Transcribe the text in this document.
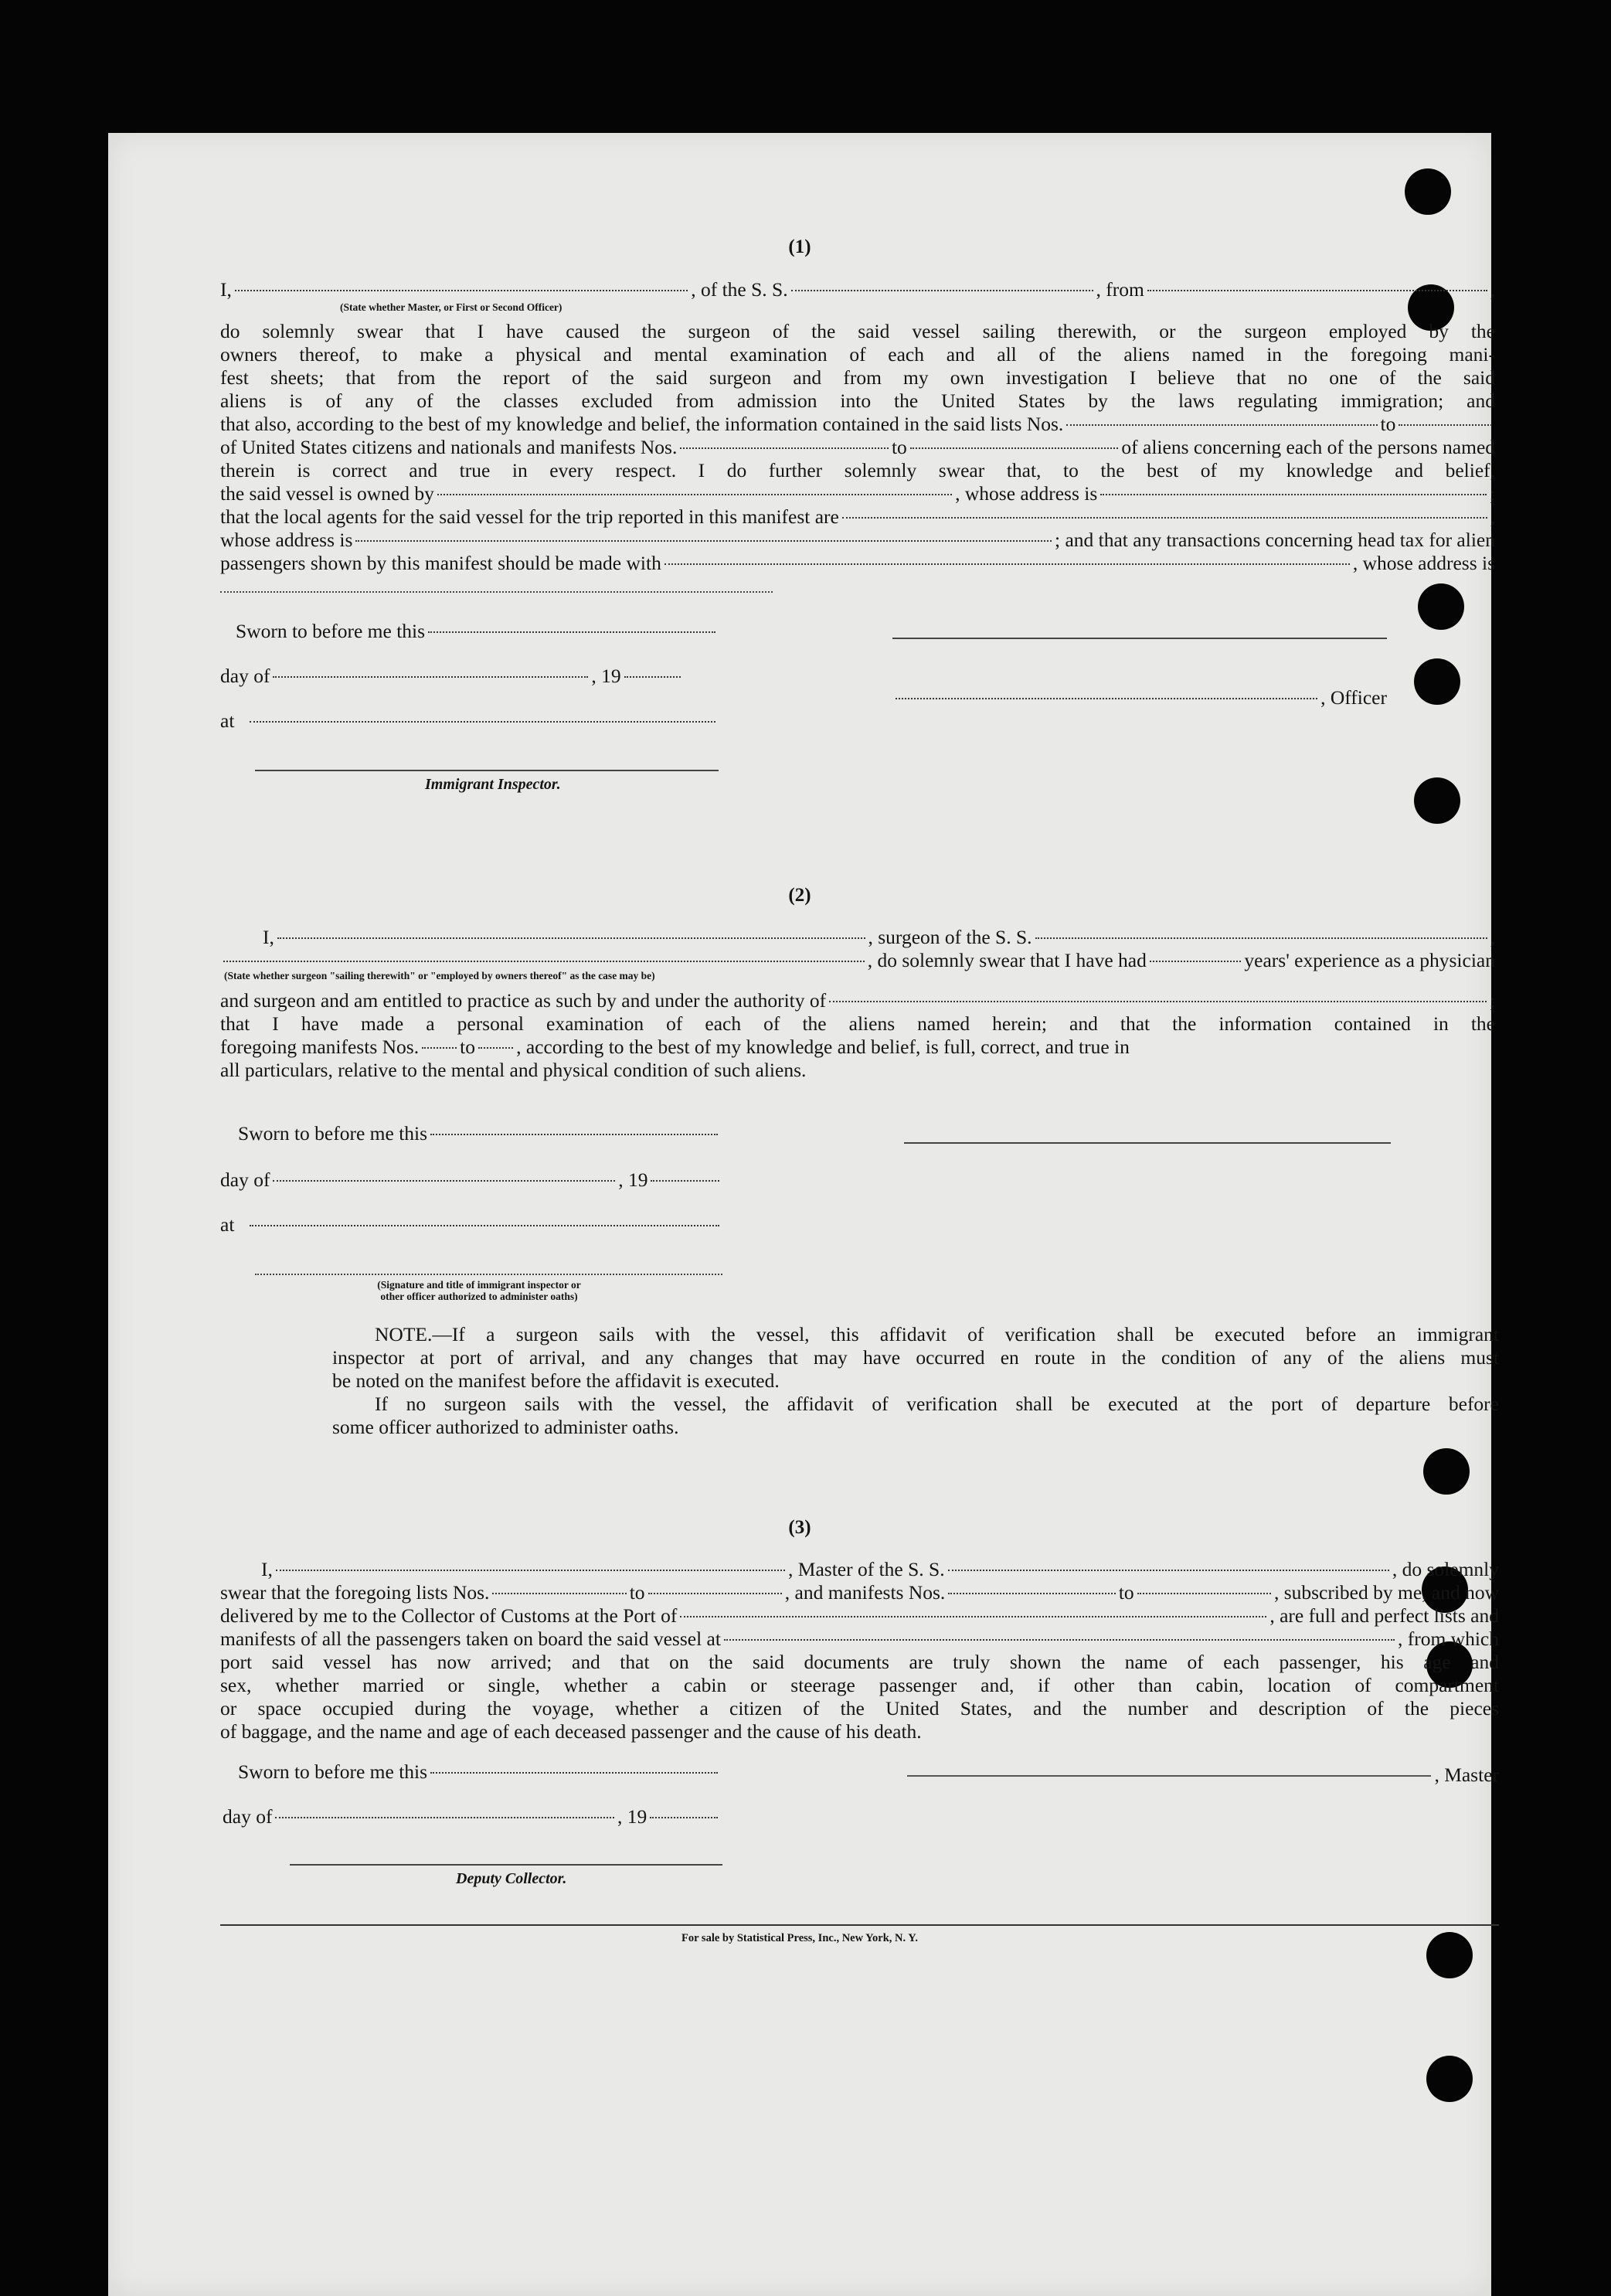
(1)
I,	, of the S. S.	, from	,
(State whether Master, or First or Second Officer)
do solemnly swear that I have caused the surgeon of the said vessel sailing therewith, or the surgeon employed by the
owners thereof, to make a physical and mental examination of each and all of the aliens named in the foregoing mani-
fest sheets; that from the report of the said surgeon and from my own investigation I believe that no one of the said
aliens is of any of the classes excluded from admission into the United States by the laws regulating immigration; and
that also, according to the best of my knowledge and belief, the information contained in the said lists Nos.	to
of United States citizens and nationals and manifests Nos.	to	of aliens concerning each of the persons named
therein is correct and true in every respect. I do further solemnly swear that, to the best of my knowledge and belief,
the said vessel is owned by	, whose address is	;
that the local agents for the said vessel for the trip reported in this manifest are	,
whose address is	; and that any transactions concerning head tax for alien
passengers shown by this manifest should be made with	, whose address is
Sworn to before me this
day of	, 19
, Officer
at
Immigrant Inspector.
(2)
I,	, surgeon of the S. S.	,
, do solemnly swear that I have had	years' experience as a physician
(State whether surgeon "sailing therewith" or "employed by owners thereof" as the case may be)
and surgeon and am entitled to practice as such by and under the authority of	;
that I have made a personal examination of each of the aliens named herein; and that the information contained in the
foregoing manifests Nos. to , according to the best of my knowledge and belief, is full, correct, and true in
all particulars, relative to the mental and physical condition of such aliens.
Sworn to before me this
day of	, 19
at
(Signature and title of immigrant inspector or
other officer authorized to administer oaths)
NOTE. —If a surgeon sails with the vessel, this affidavit of verification shall be executed before an immigrant
inspector at port of arrival, and any changes that may have occurred en route in the condition of any of the aliens must
be noted on the manifest before the affidavit is executed.
If no surgeon sails with the vessel, the affidavit of verification shall be executed at the port of departure before
some officer authorized to administer oaths.
(3)
I,	, Master of the S. S.	, do solemnly
swear that the foregoing lists Nos.	to	, and manifests Nos.	to	, subscribed by me, and now
delivered by me to the Collector of Customs at the Port of	, are full and perfect lists and
manifests of all the passengers taken on board the said vessel at	, from which
port said vessel has now arrived; and that on the said documents are truly shown the name of each passenger, his age and
sex, whether married or single, whether a cabin or steerage passenger and, if other than cabin, location of compartment
or space occupied during the voyage, whether a citizen of the United States, and the number and description of the pieces
of baggage, and the name and age of each deceased passenger and the cause of his death.
Sworn to before me this	, Master
day of	, 19
Deputy Collector.
For sale by Statistical Press, Inc., New York, N. Y.
